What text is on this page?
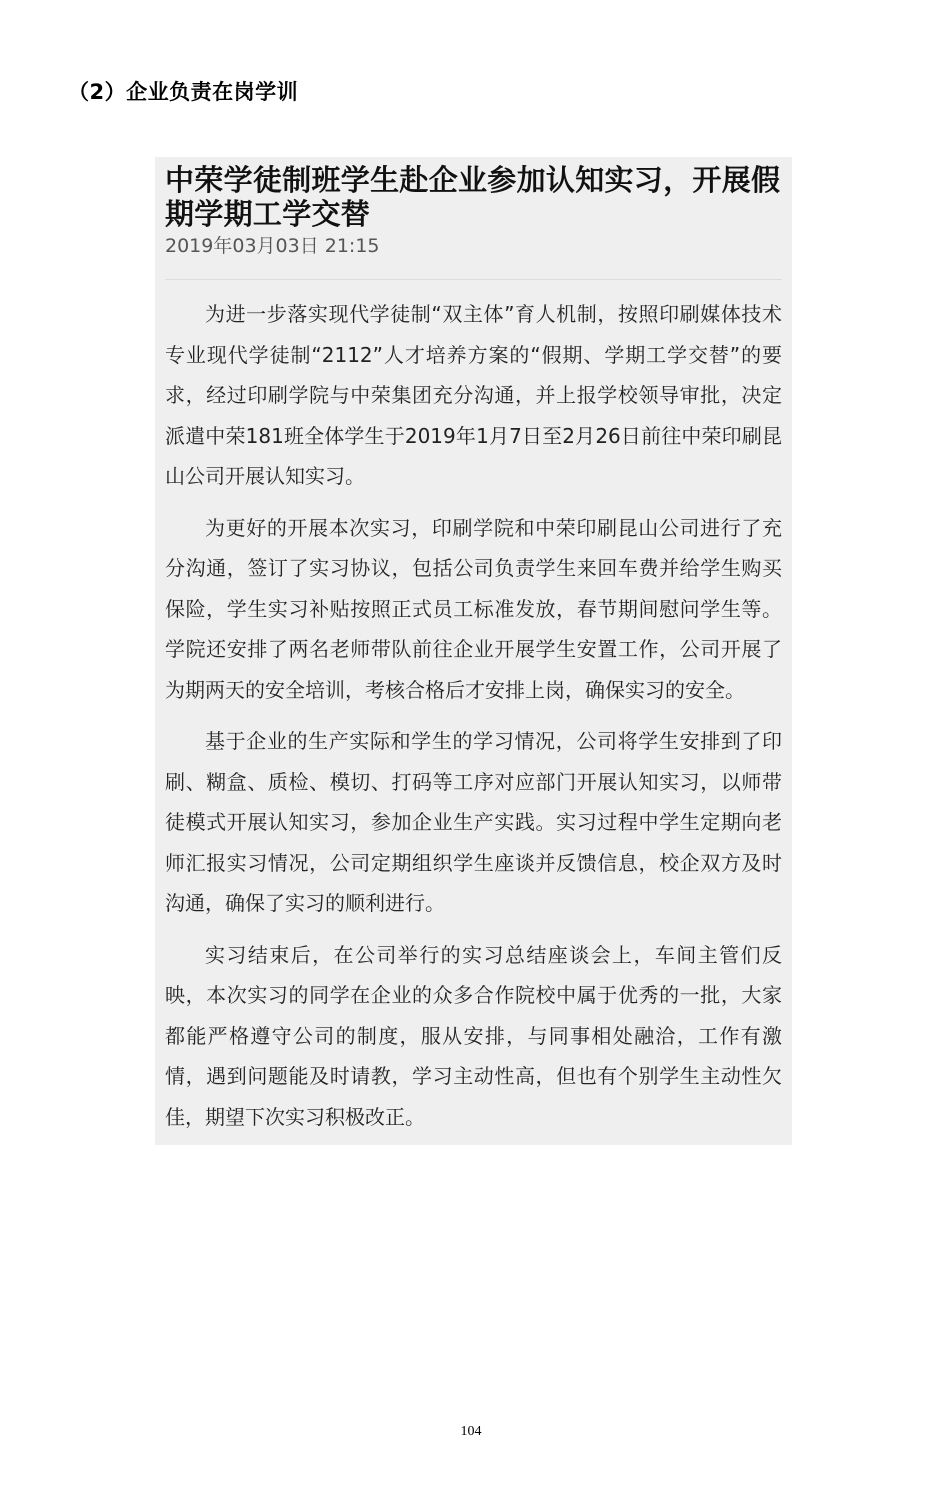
（2）企业负责在岗学训
中荣学徒制班学生赴企业参加认知实习，开展假期学期工学交替
2019年03月03日 21:15

为进一步落实现代学徒制“双主体”育人机制，按照印刷媒体技术专业现代学徒制“2112”人才培养方案的“假期、学期工学交替”的要求，经过印刷学院与中荣集团充分沟通，并上报学校领导审批，决定派遣中荣181班全体学生于2019年1月7日至2月26日前往中荣印刷昆山公司开展认知实习。

为更好的开展本次实习，印刷学院和中荣印刷昆山公司进行了充分沟通，签订了实习协议，包括公司负责学生来回车费并给学生购买保险，学生实习补贴按照正式员工标准发放，春节期间慰问学生等。学院还安排了两名老师带队前往企业开展学生安置工作，公司开展了为期两天的安全培训，考核合格后才安排上岗，确保实习的安全。

基于企业的生产实际和学生的学习情况，公司将学生安排到了印刷、糊盒、质检、模切、打码等工序对应部门开展认知实习，以师带徒模式开展认知实习，参加企业生产实践。实习过程中学生定期向老师汇报实习情况，公司定期组织学生座谈并反馈信息，校企双方及时沟通，确保了实习的顺利进行。

实习结束后，在公司举行的实习总结座谈会上，车间主管们反映，本次实习的同学在企业的众多合作院校中属于优秀的一批，大家都能严格遵守公司的制度，服从安排，与同事相处融洽，工作有激情，遇到问题能及时请教，学习主动性高，但也有个别学生主动性欠佳，期望下次实习积极改正。

104
